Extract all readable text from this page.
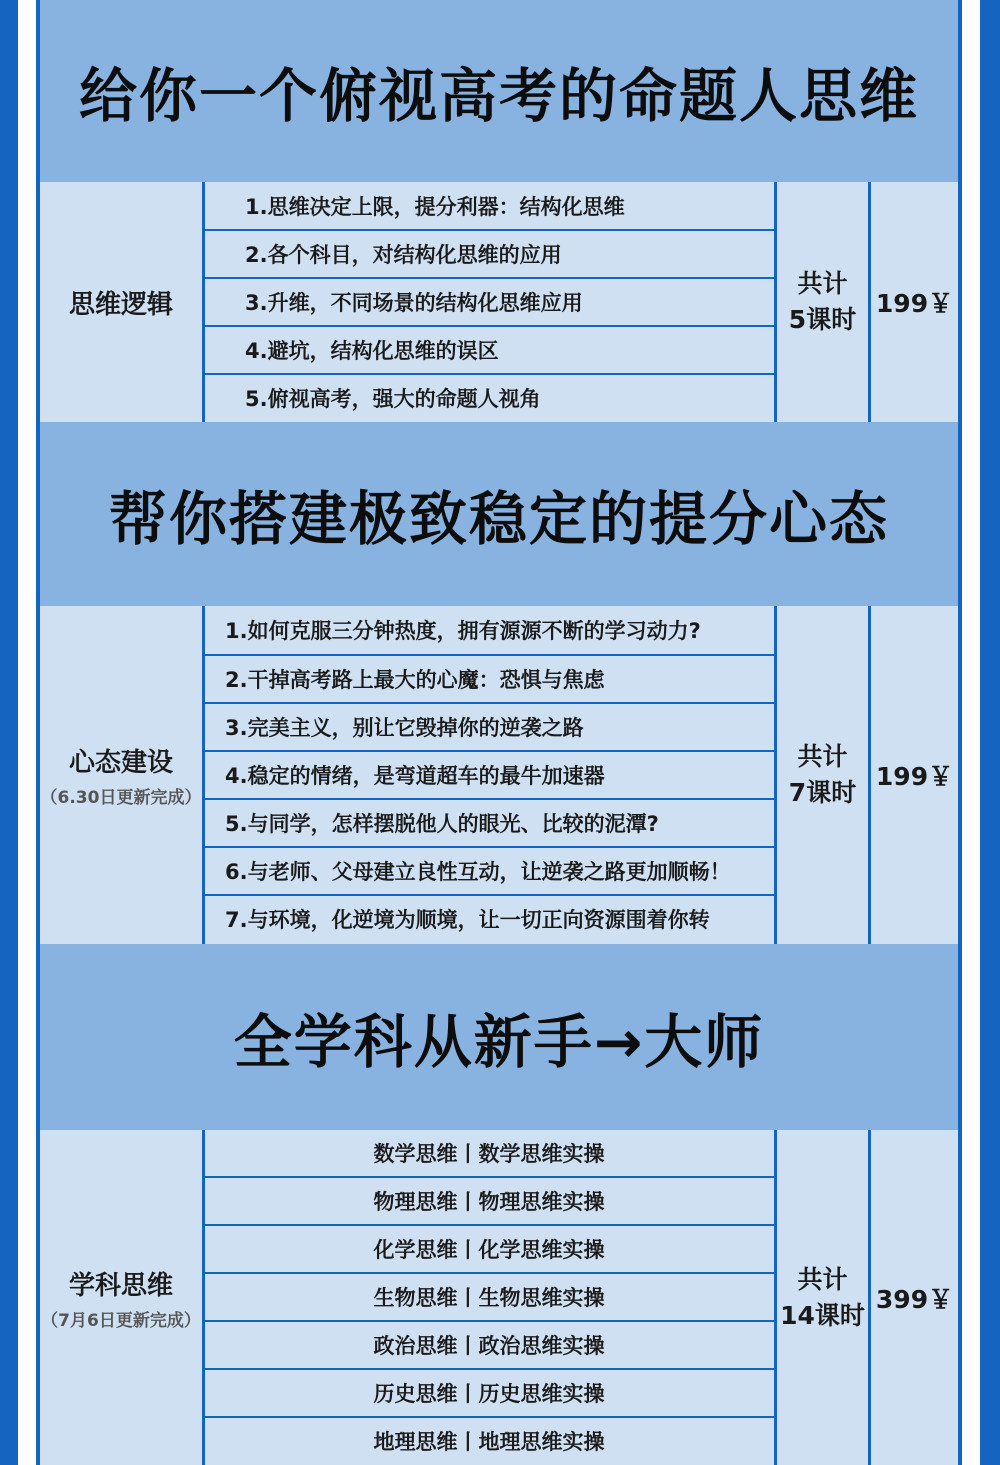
给你一个俯视高考的命题人思维
思维逻辑
1.思维决定上限，提分利器：结构化思维
2.各个科目，对结构化思维的应用
3.升维，不同场景的结构化思维应用
4.避坑，结构化思维的误区
5.俯视高考，强大的命题人视角
共计
5课时
199￥
帮你搭建极致稳定的提分心态
心态建设
（6.30日更新完成）
1.如何克服三分钟热度，拥有源源不断的学习动力?
2.干掉高考路上最大的心魔：恐惧与焦虑
3.完美主义，别让它毁掉你的逆袭之路
4.稳定的情绪，是弯道超车的最牛加速器
5.与同学，怎样摆脱他人的眼光、比较的泥潭?
6.与老师、父母建立良性互动，让逆袭之路更加顺畅！
7.与环境，化逆境为顺境，让一切正向资源围着你转
共计
7课时
199￥
全学科从新手→大师
学科思维
（7月6日更新完成）
数学思维丨数学思维实操
物理思维丨物理思维实操
化学思维丨化学思维实操
生物思维丨生物思维实操
政治思维丨政治思维实操
历史思维丨历史思维实操
地理思维丨地理思维实操
共计
14课时
399￥
